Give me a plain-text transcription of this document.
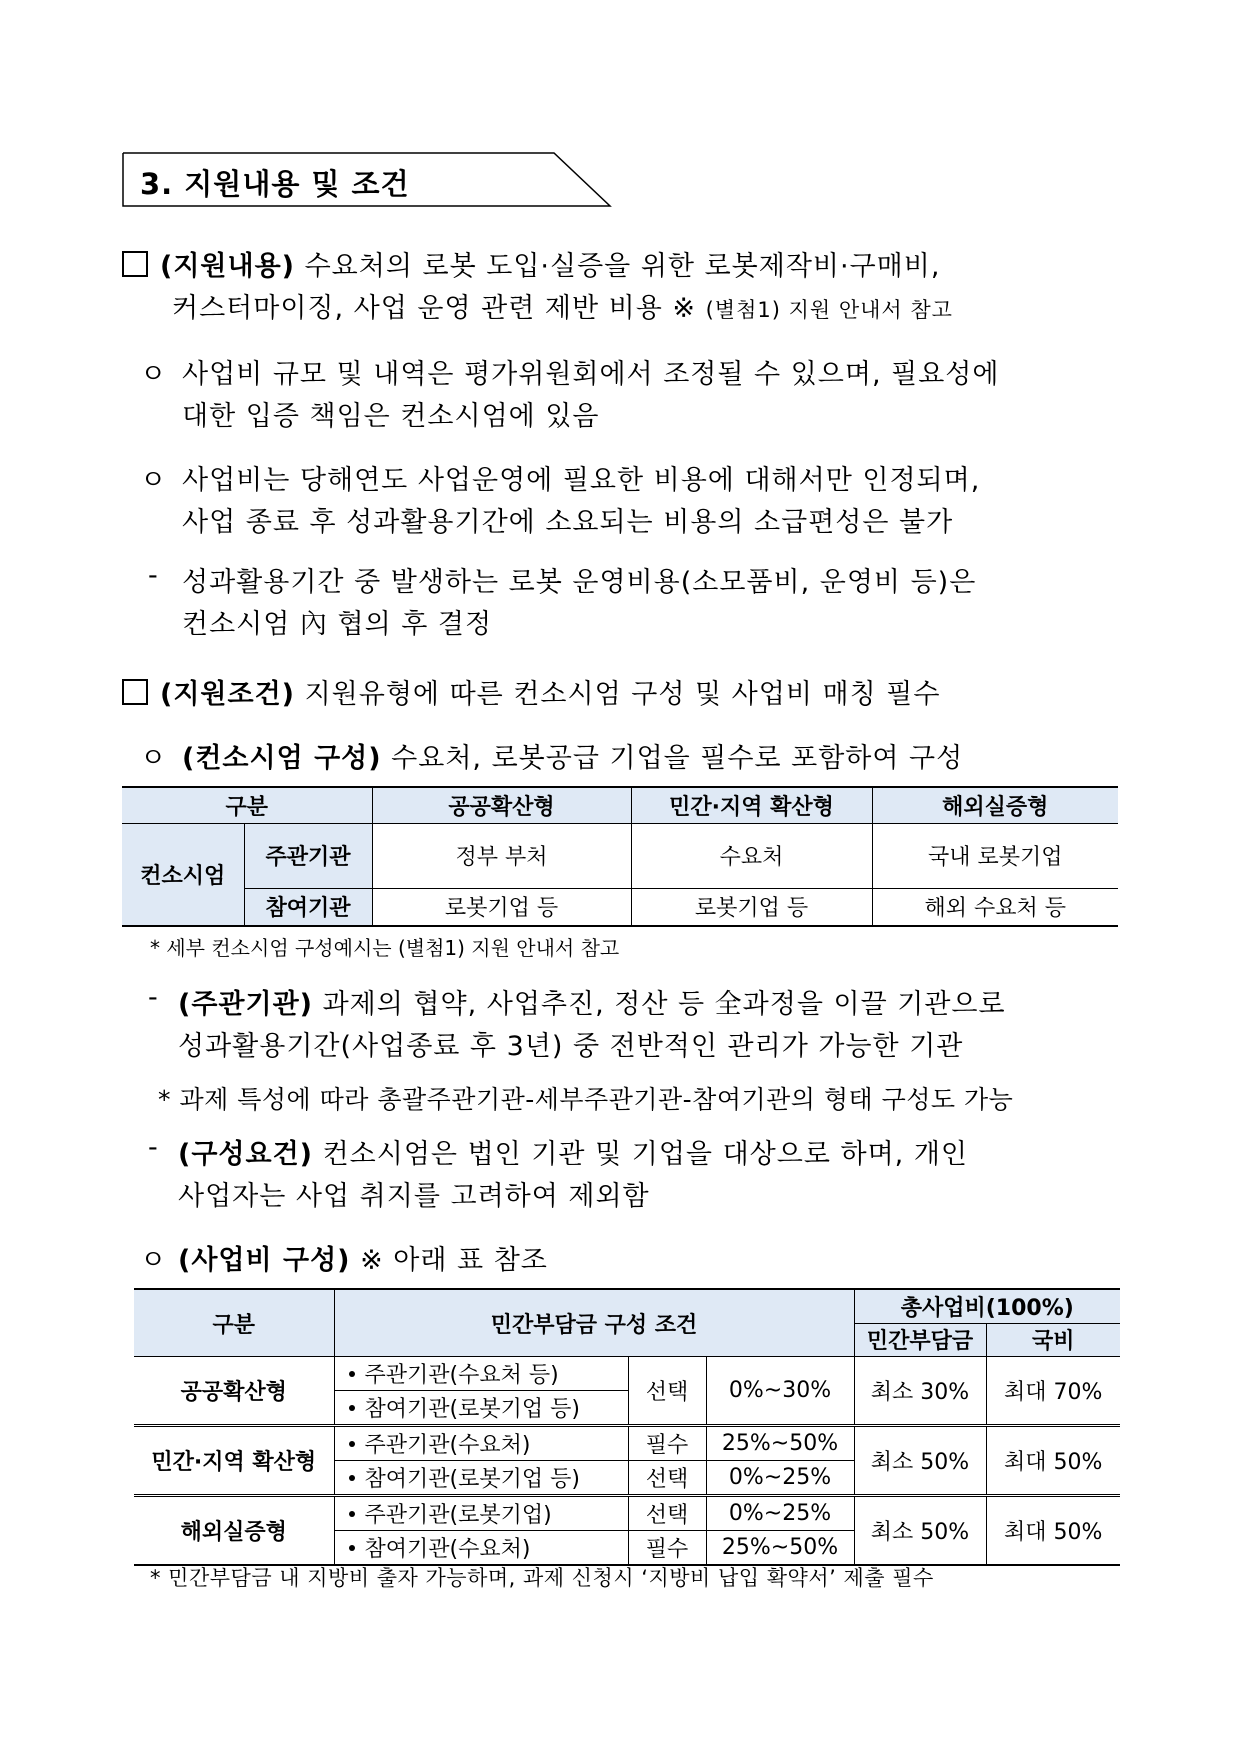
3. 지원내용 및 조건
(지원내용) 수요처의 로봇 도입·실증을 위한 로봇제작비·구매비,
커스터마이징, 사업 운영 관련 제반 비용 ※ (별첨1) 지원 안내서 참고
ㅇ 사업비 규모 및 내역은 평가위원회에서 조정될 수 있으며, 필요성에
대한 입증 책임은 컨소시엄에 있음
ㅇ 사업비는 당해연도 사업운영에 필요한 비용에 대해서만 인정되며,
사업 종료 후 성과활용기간에 소요되는 비용의 소급편성은 불가
- 성과활용기간 중 발생하는 로봇 운영비용(소모품비, 운영비 등)은
컨소시엄 內 협의 후 결정
(지원조건) 지원유형에 따른 컨소시엄 구성 및 사업비 매칭 필수
ㅇ (컨소시엄 구성) 수요처, 로봇공급 기업을 필수로 포함하여 구성
구분		공공확산형	민간·지역 확산형	해외실증형
컨소시엄	주관기관	정부 부처	수요처	국내 로봇기업
	참여기관	로봇기업 등	로봇기업 등	해외 수요처 등
* 세부 컨소시엄 구성예시는 (별첨1) 지원 안내서 참고
- (주관기관) 과제의 협약, 사업추진, 정산 등 全과정을 이끌 기관으로
성과활용기간(사업종료 후 3년) 중 전반적인 관리가 가능한 기관
* 과제 특성에 따라 총괄주관기관-세부주관기관-참여기관의 형태 구성도 가능
- (구성요건) 컨소시엄은 법인 기관 및 기업을 대상으로 하며, 개인
사업자는 사업 취지를 고려하여 제외함
ㅇ (사업비 구성) ※ 아래 표 참조
구분	민간부담금 구성 조건			총사업비(100%)	
				민간부담금	국비
공공확산형	주관기관(수요처 등)	선택	0%~30%	최소 30%	최대 70%
	참여기관(로봇기업 등)				
민간·지역 확산형	주관기관(수요처)	필수	25%~50%	최소 50%	최대 50%
	참여기관(로봇기업 등)	선택	0%~25%		
해외실증형	주관기관(로봇기업)	선택	0%~25%	최소 50%	최대 50%
	참여기관(수요처)	필수	25%~50%		
* 민간부담금 내 지방비 출자 가능하며, 과제 신청시 ‘지방비 납입 확약서’ 제출 필수
